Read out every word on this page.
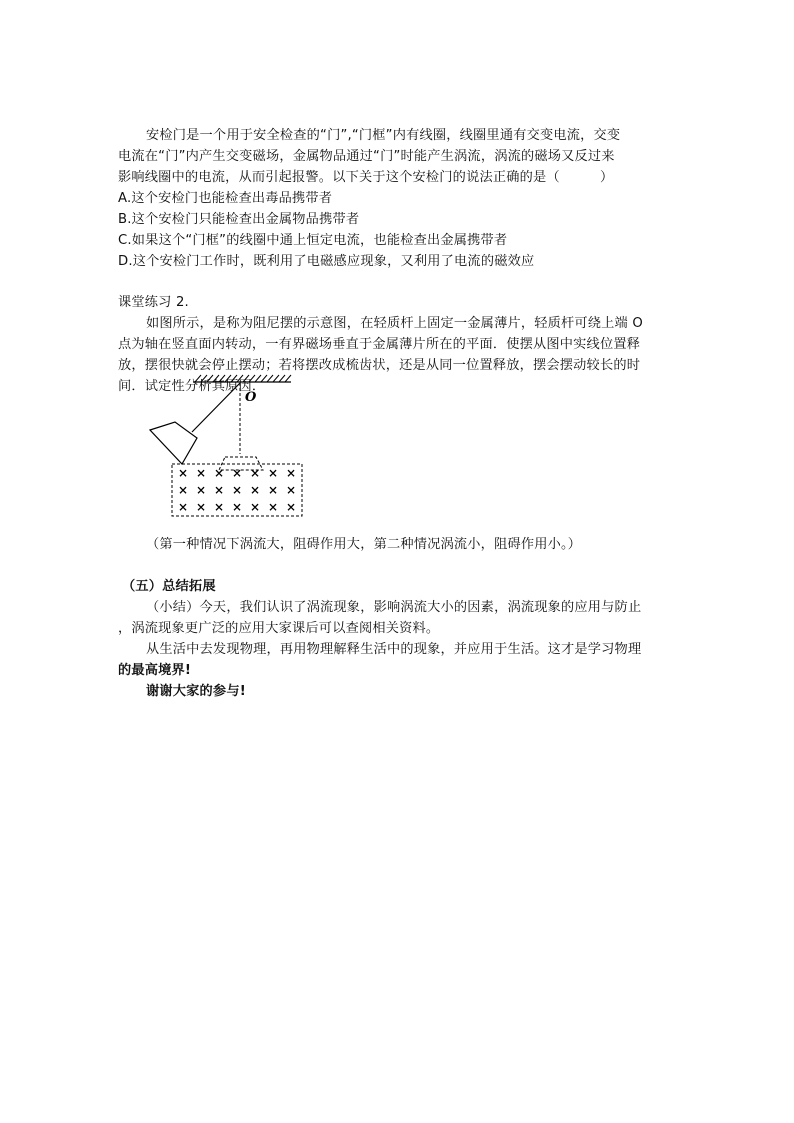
安检门是一个用于安全检查的“门”,“门框”内有线圈，线圈里通有交变电流，交变
电流在“门”内产生交变磁场，金属物品通过“门”时能产生涡流，涡流的磁场又反过来
影响线圈中的电流，从而引起报警。以下关于这个安检门的说法正确的是（　　　）
A.这个安检门也能检查出毒品携带者
B.这个安检门只能检查出金属物品携带者
C.如果这个“门框”的线圈中通上恒定电流，也能检查出金属携带者
D.这个安检门工作时，既利用了电磁感应现象，又利用了电流的磁效应
课堂练习 2.
如图所示，是称为阻尼摆的示意图，在轻质杆上固定一金属薄片，轻质杆可绕上端 O
点为轴在竖直面内转动，一有界磁场垂直于金属薄片所在的平面．使摆从图中实线位置释
放，摆很快就会停止摆动；若将摆改成梳齿状，还是从同一位置释放，摆会摆动较长的时
间．试定性分析其原因．
O
× × × × × × ×
× × × × × × ×
× × × × × × ×
（第一种情况下涡流大，阻碍作用大，第二种情况涡流小，阻碍作用小。）
（五）总结拓展
（小结）今天，我们认识了涡流现象，影响涡流大小的因素，涡流现象的应用与防止
，涡流现象更广泛的应用大家课后可以查阅相关资料。
从生活中去发现物理，再用物理解释生活中的现象，并应用于生活。这才是学习物理
的最高境界!
谢谢大家的参与!
